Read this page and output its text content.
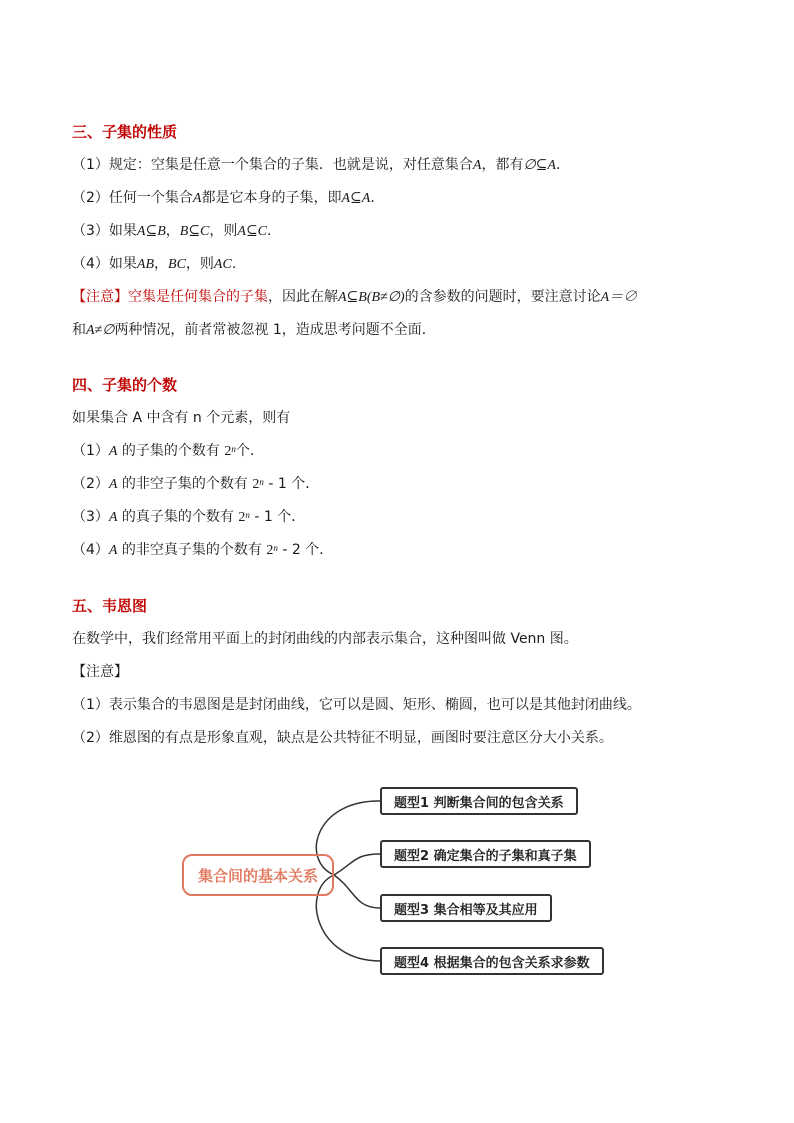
三、子集的性质
（1）规定：空集是任意一个集合的子集．也就是说，对任意集合A，都有∅⊆A.
（2）任何一个集合A都是它本身的子集，即A⊆A.
（3）如果A⊆B，B⊆C，则A⊆C.
（4）如果AB，BC，则AC.
【注意】空集是任何集合的子集，因此在解A⊆B(B≠∅)的含参数的问题时，要注意讨论A＝∅
和A≠∅两种情况，前者常被忽视 1，造成思考问题不全面．
四、子集的个数
如果集合 A 中含有 n 个元素，则有
（1）A 的子集的个数有 2$^n$个．
（2）A 的非空子集的个数有 2$^n$ - 1 个．
（3）A 的真子集的个数有 2$^n$ - 1 个．
（4）A 的非空真子集的个数有 2$^n$ - 2 个．
五、韦恩图
在数学中，我们经常用平面上的封闭曲线的内部表示集合，这种图叫做 Venn 图。
【注意】
（1）表示集合的韦恩图是是封闭曲线，它可以是圆、矩形、椭圆，也可以是其他封闭曲线。
（2）维恩图的有点是形象直观，缺点是公共特征不明显，画图时要注意区分大小关系。
集合间的基本关系
题型1 判断集合间的包含关系
题型2 确定集合的子集和真子集
题型3 集合相等及其应用
题型4 根据集合的包含关系求参数
